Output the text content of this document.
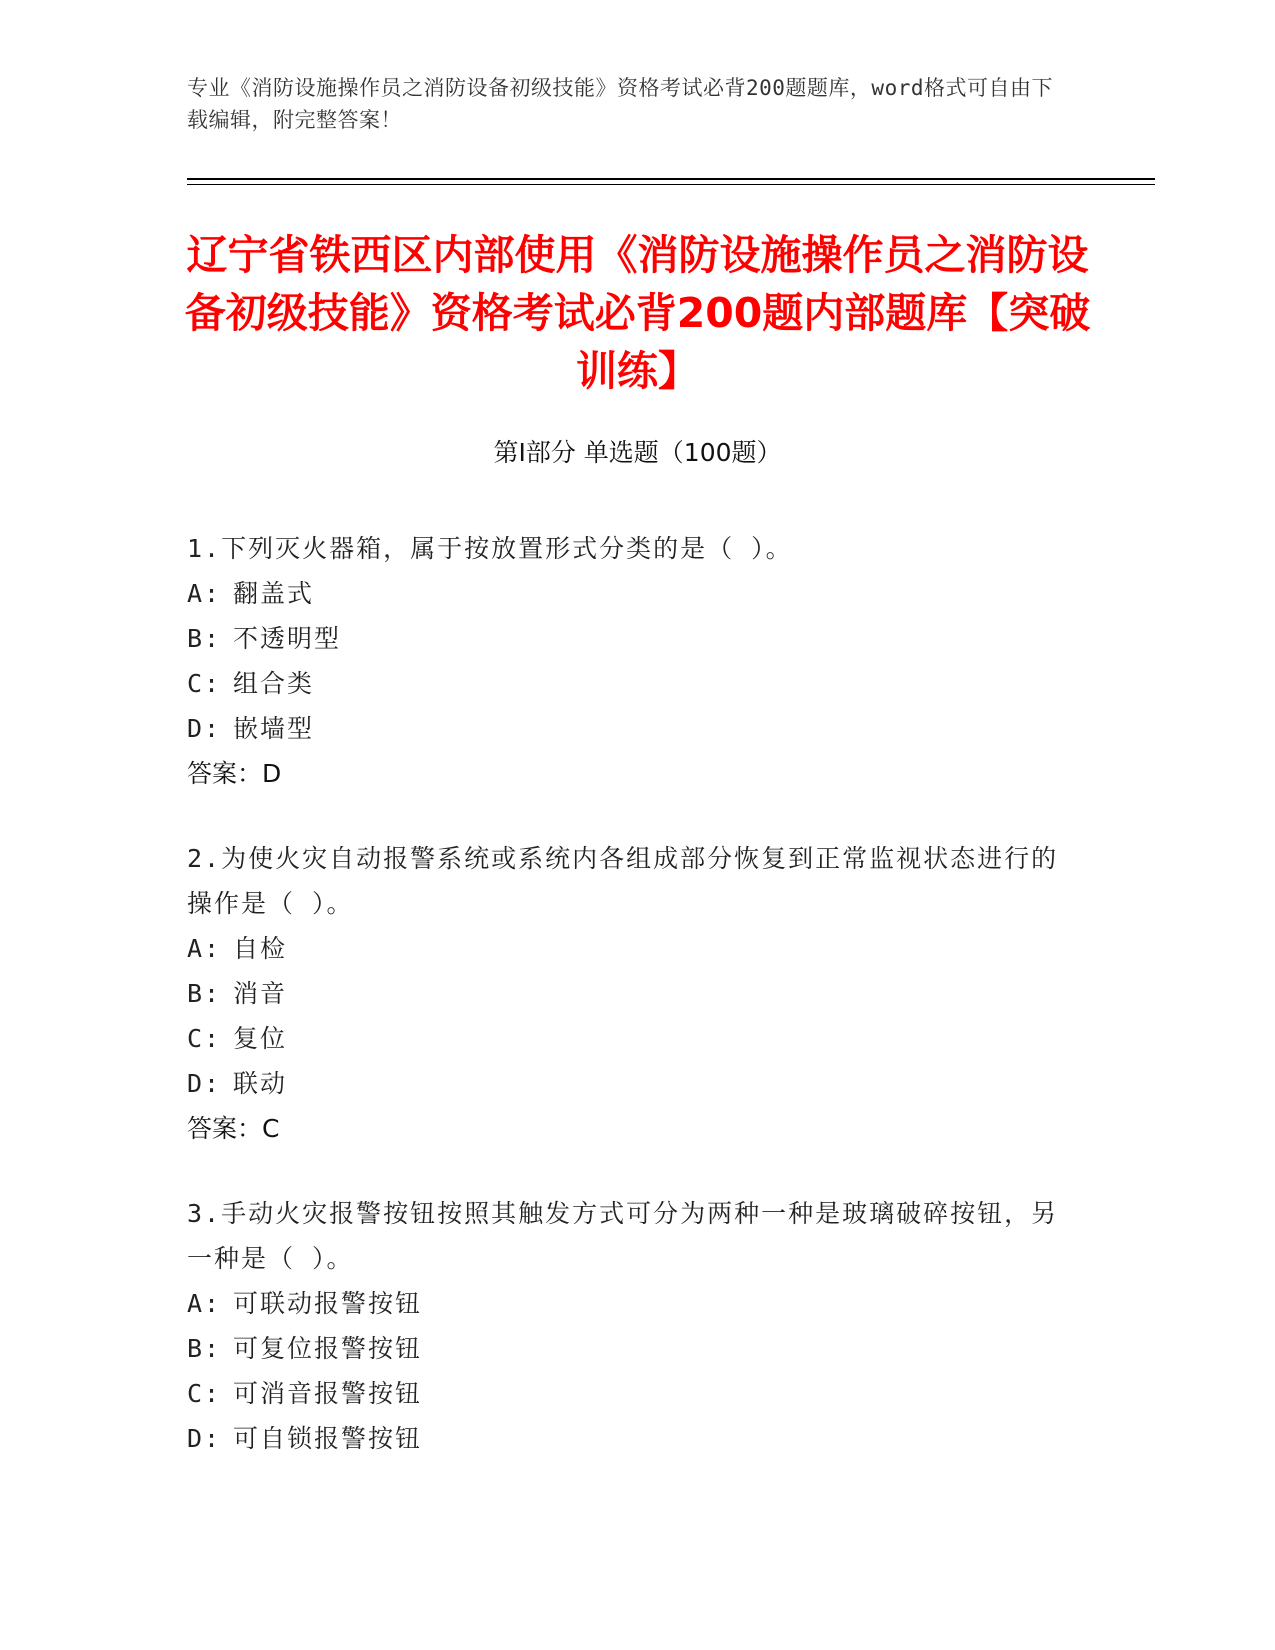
专业《消防设施操作员之消防设备初级技能》资格考试必背200题题库，word格式可自由下载编辑，附完整答案！
辽宁省铁西区内部使用《消防设施操作员之消防设备初级技能》资格考试必背200题内部题库【突破训练】
第Ⅰ部分 单选题（100题）

1.下列灭火器箱，属于按放置形式分类的是（ ）。

A: 翻盖式

B: 不透明型

C: 组合类

D: 嵌墙型

答案：D

2.为使火灾自动报警系统或系统内各组成部分恢复到正常监视状态进行的操作是（ ）。

A: 自检

B: 消音

C: 复位

D: 联动

答案：C

3.手动火灾报警按钮按照其触发方式可分为两种一种是玻璃破碎按钮，另一种是（ ）。

A: 可联动报警按钮

B: 可复位报警按钮

C: 可消音报警按钮

D: 可自锁报警按钮
